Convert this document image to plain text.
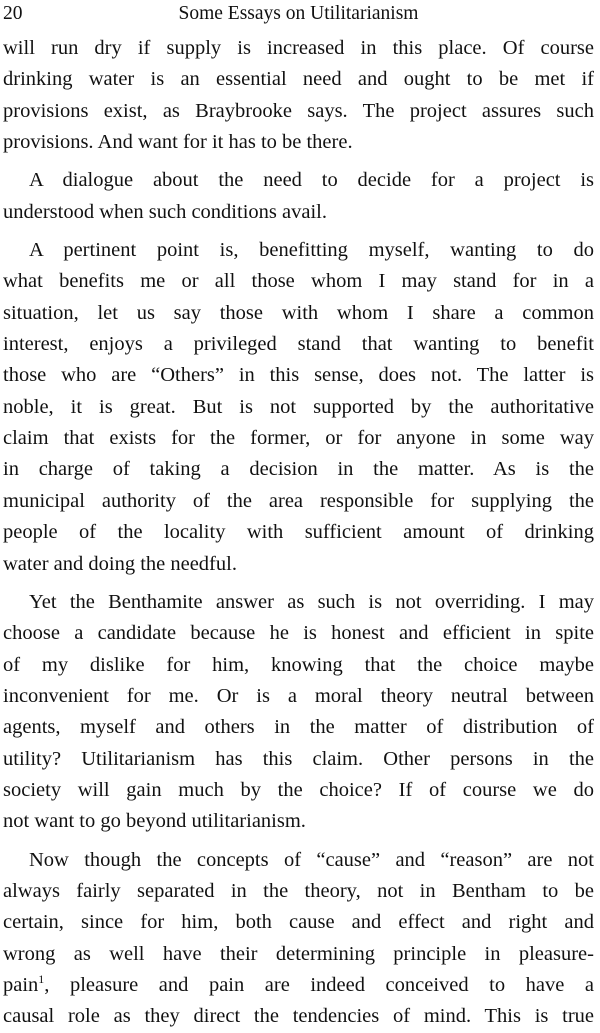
20	Some Essays on Utilitarianism
will run dry if supply is increased in this place. Of course
drinking water is an essential need and ought to be met if
provisions exist, as Braybrooke says. The project assures such
provisions. And want for it has to be there.
A dialogue about the need to decide for a project is
understood when such conditions avail.
A pertinent point is, benefitting myself, wanting to do
what benefits me or all those whom I may stand for in a
situation, let us say those with whom I share a common
interest, enjoys a privileged stand that wanting to benefit
those who are “Others” in this sense, does not. The latter is
noble, it is great. But is not supported by the authoritative
claim that exists for the former, or for anyone in some way
in charge of taking a decision in the matter. As is the
municipal authority of the area responsible for supplying the
people of the locality with sufficient amount of drinking
water and doing the needful.
Yet the Benthamite answer as such is not overriding. I may
choose a candidate because he is honest and efficient in spite
of my dislike for him, knowing that the choice maybe
inconvenient for me. Or is a moral theory neutral between
agents, myself and others in the matter of distribution of
utility? Utilitarianism has this claim. Other persons in the
society will gain much by the choice? If of course we do
not want to go beyond utilitarianism.
Now though the concepts of “cause” and “reason” are not
always fairly separated in the theory, not in Bentham to be
certain, since for him, both cause and effect and right and
wrong as well have their determining principle in pleasure-
pain$^1$, pleasure and pain are indeed conceived to have a
causal role as they direct the tendencies of mind. This is true
